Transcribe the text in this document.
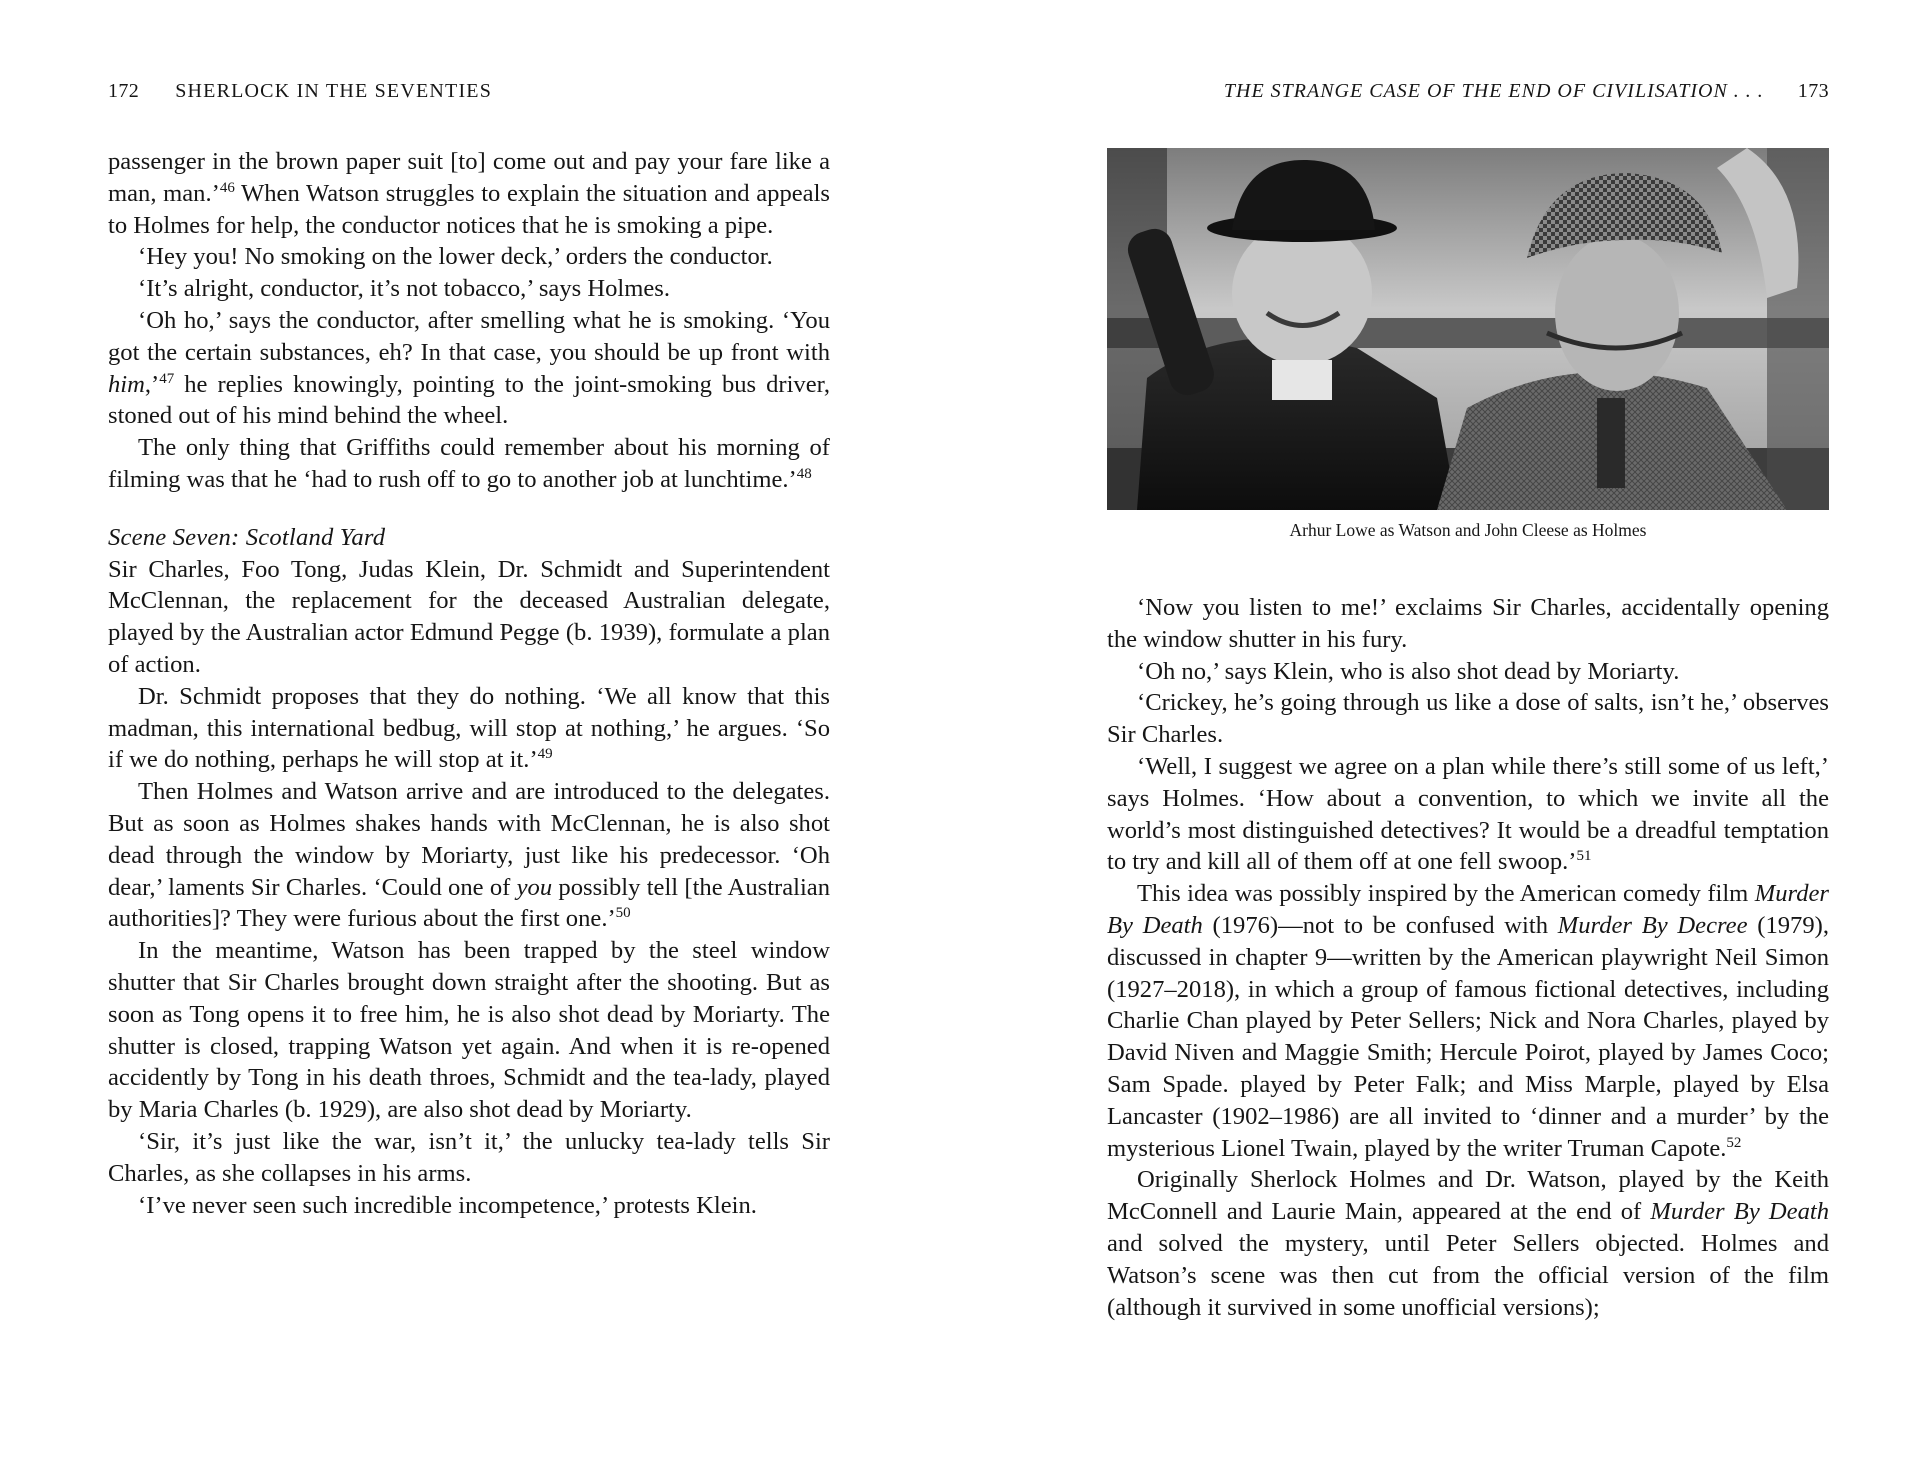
172 SHERLOCK IN THE SEVENTIES

passenger in the brown paper suit [to] come out and pay your fare like a man, man.’$^{46}$ When Watson struggles to explain the situation and appeals to Holmes for help, the conductor notices that he is smoking a pipe.

‘Hey you! No smoking on the lower deck,’ orders the conductor.

‘It’s alright, conductor, it’s not tobacco,’ says Holmes.

‘Oh ho,’ says the conductor, after smelling what he is smoking. ‘You got the certain substances, eh? In that case, you should be up front with him,’$^{47}$ he replies knowingly, pointing to the joint-smoking bus driver, stoned out of his mind behind the wheel.

The only thing that Griffiths could remember about his morning of filming was that he ‘had to rush off to go to another job at lunchtime.’$^{48}$

Scene Seven: Scotland Yard

Sir Charles, Foo Tong, Judas Klein, Dr. Schmidt and Superintendent McClennan, the replacement for the deceased Australian delegate, played by the Australian actor Edmund Pegge (b. 1939), formulate a plan of action.

Dr. Schmidt proposes that they do nothing. ‘We all know that this madman, this international bedbug, will stop at nothing,’ he argues. ‘So if we do nothing, perhaps he will stop at it.’$^{49}$

Then Holmes and Watson arrive and are introduced to the delegates. But as soon as Holmes shakes hands with McClennan, he is also shot dead through the window by Moriarty, just like his predecessor. ‘Oh dear,’ laments Sir Charles. ‘Could one of you possibly tell [the Australian authorities]? They were furious about the first one.’$^{50}$

In the meantime, Watson has been trapped by the steel window shutter that Sir Charles brought down straight after the shooting. But as soon as Tong opens it to free him, he is also shot dead by Moriarty. The shutter is closed, trapping Watson yet again. And when it is re-opened accidently by Tong in his death throes, Schmidt and the tea-lady, played by Maria Charles (b. 1929), are also shot dead by Moriarty.

‘Sir, it’s just like the war, isn’t it,’ the unlucky tea-lady tells Sir Charles, as she collapses in his arms.

‘I’ve never seen such incredible incompetence,’ protests Klein.

THE STRANGE CASE OF THE END OF CIVILISATION . . . 173
Arhur Lowe as Watson and John Cleese as Holmes

‘Now you listen to me!’ exclaims Sir Charles, accidentally opening the window shutter in his fury.

‘Oh no,’ says Klein, who is also shot dead by Moriarty.

‘Crickey, he’s going through us like a dose of salts, isn’t he,’ observes Sir Charles.

‘Well, I suggest we agree on a plan while there’s still some of us left,’ says Holmes. ‘How about a convention, to which we invite all the world’s most distinguished detectives? It would be a dreadful temptation to try and kill all of them off at one fell swoop.’$^{51}$

This idea was possibly inspired by the American comedy film Murder By Death (1976)—not to be confused with Murder By Decree (1979), discussed in chapter 9—written by the American playwright Neil Simon (1927–2018), in which a group of famous fictional detectives, including Charlie Chan played by Peter Sellers; Nick and Nora Charles, played by David Niven and Maggie Smith; Hercule Poirot, played by James Coco; Sam Spade. played by Peter Falk; and Miss Marple, played by Elsa Lancaster (1902–1986) are all invited to ‘dinner and a murder’ by the mysterious Lionel Twain, played by the writer Truman Capote.$^{52}$

Originally Sherlock Holmes and Dr. Watson, played by the Keith McConnell and Laurie Main, appeared at the end of Murder By Death and solved the mystery, until Peter Sellers objected. Holmes and Watson’s scene was then cut from the official version of the film (although it survived in some unofficial versions);
